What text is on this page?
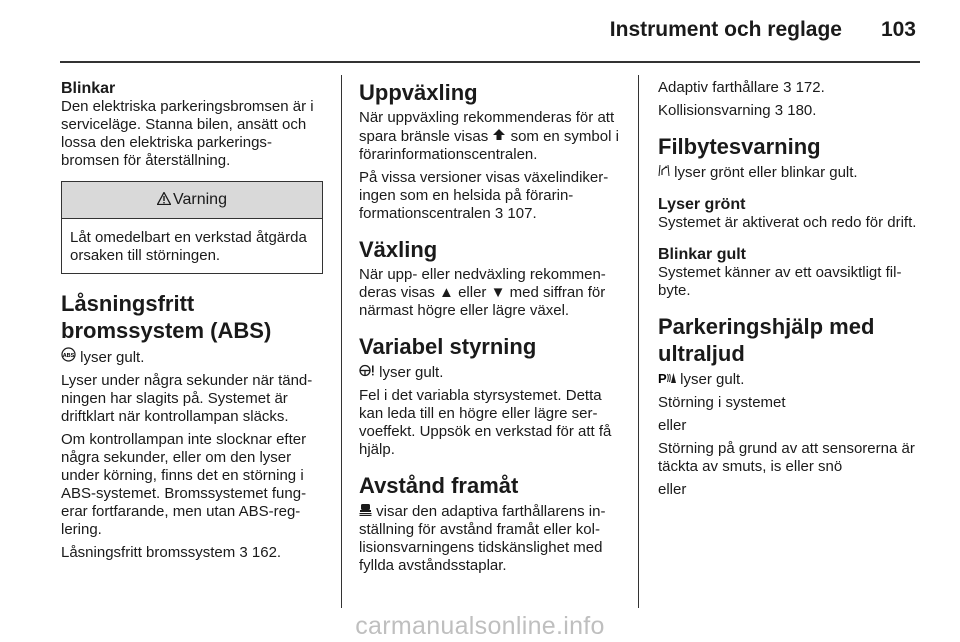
Instrument och reglage 103
Blinkar

Den elektriska parkeringsbromsen är i serviceläge. Stanna bilen, ansätt och lossa den elektriska parkeringsbromsen för återställning.

Varning
Låt omedelbart en verkstad åtgärda orsaken till störningen.
Låsningsfritt bromssystem (ABS)

ABS lyser gult.

Lyser under några sekunder när tändningen har slagits på. Systemet är driftklart när kontrollampan släcks.

Om kontrollampan inte slocknar efter några sekunder, eller om den lyser under körning, finns det en störning i ABS-systemet. Bromssystemet fungerar fortfarande, men utan ABS-reglering.

Låsningsfritt bromssystem 3 162.

Uppväxling

När uppväxling rekommenderas för att spara bränsle visas som en symbol i förarinformationscentralen.

På vissa versioner visas växelindikeringen som en helsida på förarinformationscentralen 3 107.

Växling

När upp- eller nedväxling rekommenderas visas ▲ eller ▼ med siffran för närmast högre eller lägre växel.

Variabel styrning

lyser gult.

Fel i det variabla styrsystemet. Detta kan leda till en högre eller lägre servoeffekt. Uppsök en verkstad för att få hjälp.

Avstånd framåt

visar den adaptiva farthållarens inställning för avstånd framåt eller kollisionsvarningens tidskänslighet med fyllda avståndsstaplar.

Adaptiv farthållare 3 172.

Kollisionsvarning 3 180.

Filbytesvarning

lyser grönt eller blinkar gult.

Lyser grönt

Systemet är aktiverat och redo för drift.

Blinkar gult

Systemet känner av ett oavsiktligt filbyte.

Parkeringshjälp med ultraljud

P lyser gult.

Störning i systemet

eller

Störning på grund av att sensorerna är täckta av smuts, is eller snö

eller

carmanualsonline.info
